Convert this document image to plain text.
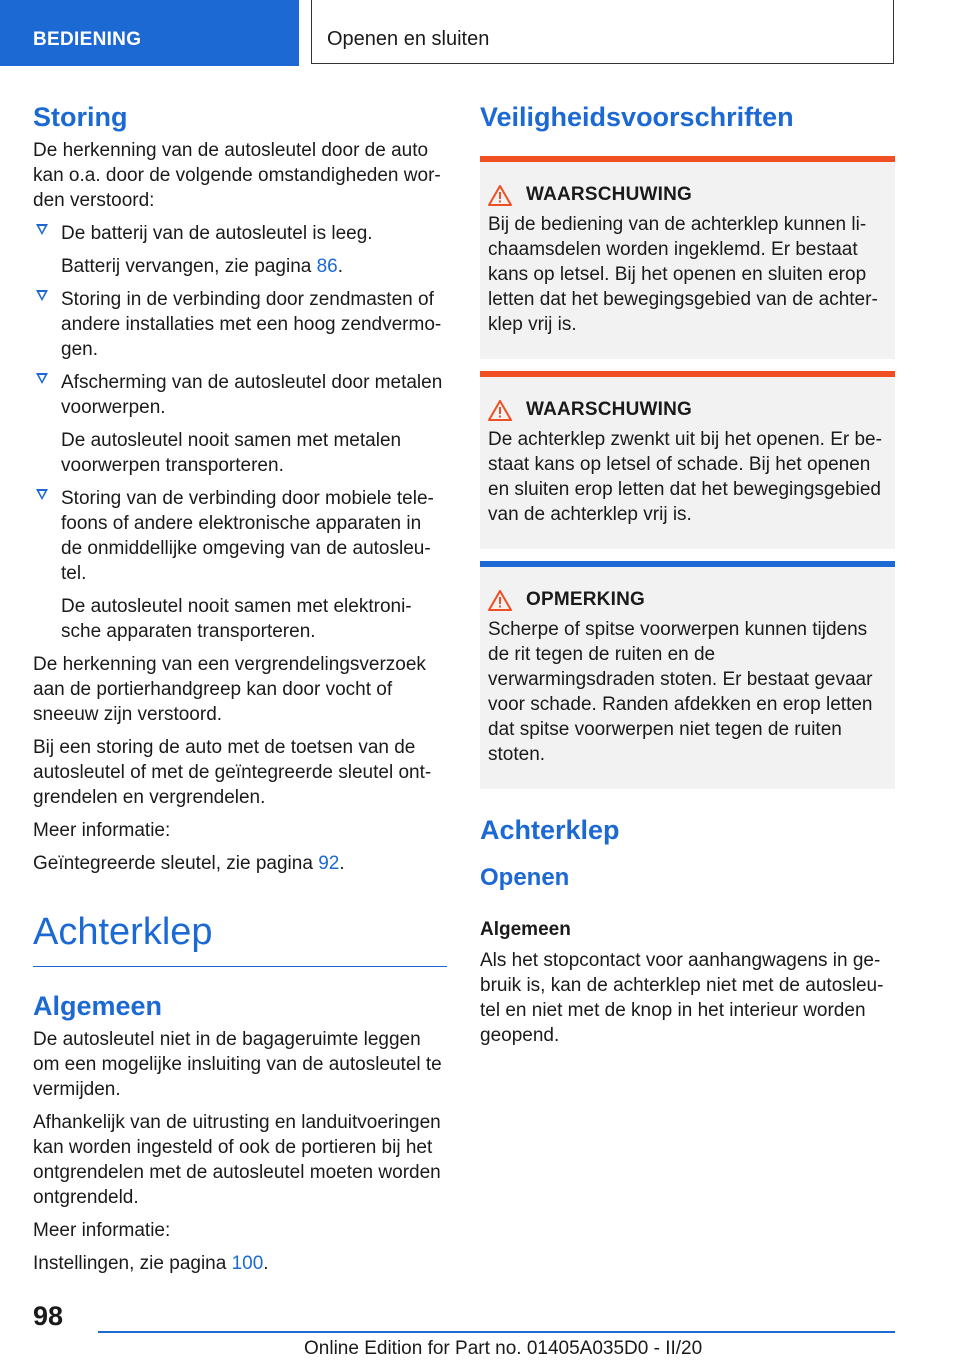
BEDIENING	Openen en sluiten
Storing

De herkenning van de autosleutel door de auto kan o.a. door de volgende omstandigheden wor‐ den verstoord:

De batterij van de autosleutel is leeg.

Batterij vervangen, zie pagina 86.

Storing in de verbinding door zendmasten of andere installaties met een hoog zendvermo‐ gen.

Afscherming van de autosleutel door metalen voorwerpen.

De autosleutel nooit samen met metalen voorwerpen transporteren.

Storing van de verbinding door mobiele tele‐ foons of andere elektronische apparaten in de onmiddellijke omgeving van de autosleu‐ tel.

De autosleutel nooit samen met elektroni‐ sche apparaten transporteren.

De herkenning van een vergrendelingsverzoek aan de portierhandgreep kan door vocht of sneeuw zijn verstoord.

Bij een storing de auto met de toetsen van de autosleutel of met de geïntegreerde sleutel ont‐ grendelen en vergrendelen.

Meer informatie:

Geïntegreerde sleutel, zie pagina 92.

Achterklep
Algemeen

De autosleutel niet in de bagageruimte leggen om een mogelijke insluiting van de autosleutel te vermijden.

Afhankelijk van de uitrusting en landuitvoeringen kan worden ingesteld of ook de portieren bij het ontgrendelen met de autosleutel moeten worden ontgrendeld.

Meer informatie:

Instellingen, zie pagina 100.

Veiligheidsvoorschriften
WAARSCHUWING

Bij de bediening van de achterklep kunnen li‐ chaamsdelen worden ingeklemd. Er bestaat kans op letsel. Bij het openen en sluiten erop letten dat het bewegingsgebied van de achter‐ klep vrij is.

WAARSCHUWING

De achterklep zwenkt uit bij het openen. Er be‐ staat kans op letsel of schade. Bij het openen en sluiten erop letten dat het bewegingsgebied van de achterklep vrij is.

OPMERKING

Scherpe of spitse voorwerpen kunnen tijdens de rit tegen de ruiten en de verwarmingsdraden stoten. Er bestaat gevaar voor schade. Randen afdekken en erop letten dat spitse voorwerpen niet tegen de ruiten stoten.

Achterklep
Openen
Algemeen

Als het stopcontact voor aanhangwagens in ge‐ bruik is, kan de achterklep niet met de autosleu‐ tel en niet met de knop in het interieur worden geopend.

98
Online Edition for Part no. 01405A035D0 - II/20
